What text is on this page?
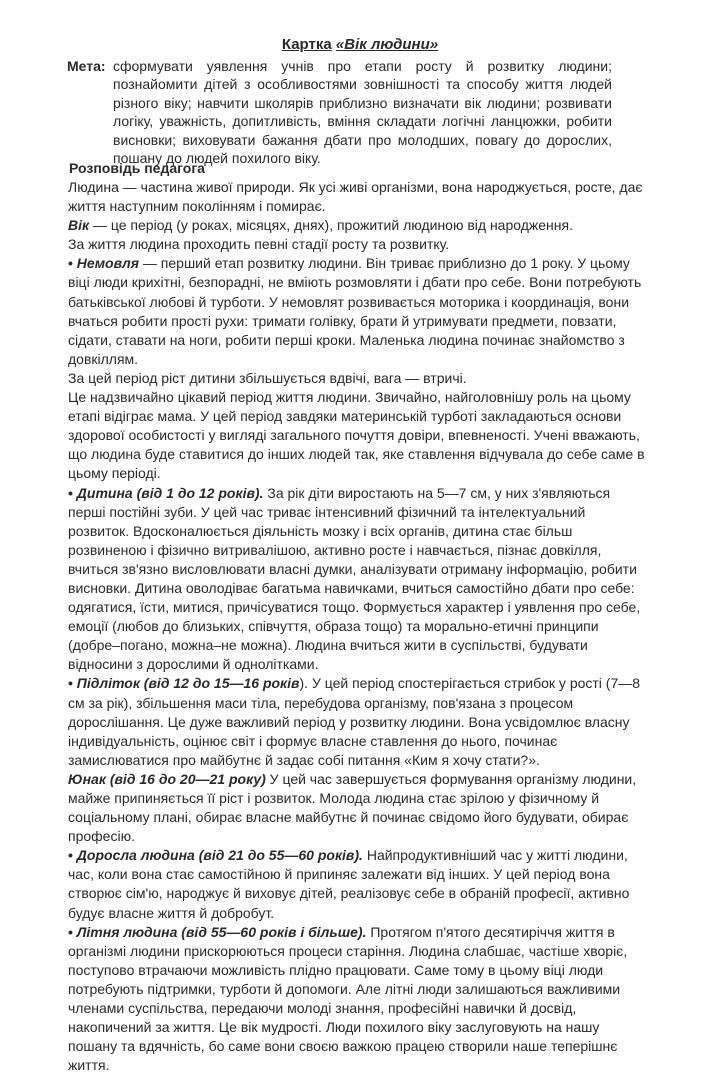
Картка «Вік людини»
Мета: сформувати уявлення учнів про етапи росту й розвитку людини; познайомити дітей з особливостями зовнішності та способу життя людей різного віку; навчити школярів приблизно визначати вік людини; розвивати логіку, уважність, допитливість, вміння складати логічні ланцюжки, робити висновки; виховувати бажання дбати про молодших, повагу до дорослих, пошану до людей похилого віку.
Розповідь педагога

Людина — частина живої природи. Як усі живі організми, вона народжується, росте, дає життя наступним поколінням і помирає.

Вік — це період (у роках, місяцях, днях), прожитий людиною від народження.

За життя людина проходить певні стадії росту та розвитку.

• Немовля — перший етап розвитку людини. Він триває приблизно до 1 року. У цьому віці люди крихітні, безпорадні, не вміють розмовляти і дбати про себе. Вони потребують батьківської любові й турботи. У немовлят розвивається моторика і координація, вони вчаться робити прості рухи: тримати голівку, брати й утримувати предмети, повзати, сідати, ставати на ноги, робити перші кроки. Маленька людина починає знайомство з довкіллям.

За цей період ріст дитини збільшується вдвічі, вага — втричі.

Це надзвичайно цікавий період життя людини. Звичайно, найголовнішу роль на цьому етапі відіграє мама. У цей період завдяки материнській турботі закладаються основи здорової особистості у вигляді загального почуття довіри, впевненості. Учені вважають, що людина буде ставитися до інших людей так, яке ставлення відчувала до себе саме в цьому періоді.

• Дитина (від 1 до 12 років). За рік діти виростають на 5—7 см, у них з'являються перші постійні зуби. У цей час триває інтенсивний фізичний та інтелектуальний розвиток. Вдосконалюється діяльність мозку і всіх органів, дитина стає більш розвиненою і фізично витривалішою, активно росте і навчається, пізнає довкілля, вчиться зв'язно висловлювати власні думки, аналізувати отриману інформацію, робити висновки. Дитина оволодіває багатьма навичками, вчиться самостійно дбати про себе: одягатися, їсти, митися, причісуватися тощо. Формується характер і уявлення про себе, емоції (любов до близьких, співчуття, образа тощо) та морально-етичні принципи (добре–погано, можна–не можна). Людина вчиться жити в суспільстві, будувати відносини з дорослими й однолітками.

• Підліток (від 12 до 15—16 років). У цей період спостерігається стрибок у рості (7—8 см за рік), збільшення маси тіла, перебудова організму, пов'язана з процесом дорослішання. Це дуже важливий період у розвитку людини. Вона усвідомлює власну індивідуальність, оцінює світ і формує власне ставлення до нього, починає замислюватися про майбутнє й задає собі питання «Ким я хочу стати?».

Юнак (від 16 до 20—21 року) У цей час завершується формування організму людини, майже припиняється її ріст і розвиток. Молода людина стає зрілою у фізичному й соціальному плані, обирає власне майбутнє й починає свідомо його будувати, обирає професію.

• Доросла людина (від 21 до 55—60 років). Найпродуктивніший час у житті людини, час, коли вона стає самостійною й припиняє залежати від інших. У цей період вона створює сім'ю, народжує й виховує дітей, реалізовує себе в обраній професії, активно будує власне життя й добробут.

• Літня людина (від 55—60 років і більше). Протягом п'ятого десятиріччя життя в організмі людини прискорюються процеси старіння. Людина слабшає, частіше хворіє, поступово втрачаючи можливість плідно працювати. Саме тому в цьому віці люди потребують підтримки, турботи й допомоги. Але літні люди залишаються важливими членами суспільства, передаючи молоді знання, професійні навички й досвід, накопичений за життя. Це вік мудрості. Люди похилого віку заслуговують на нашу пошану та вдячність, бо саме вони своєю важкою працею створили наше теперішнє життя.
